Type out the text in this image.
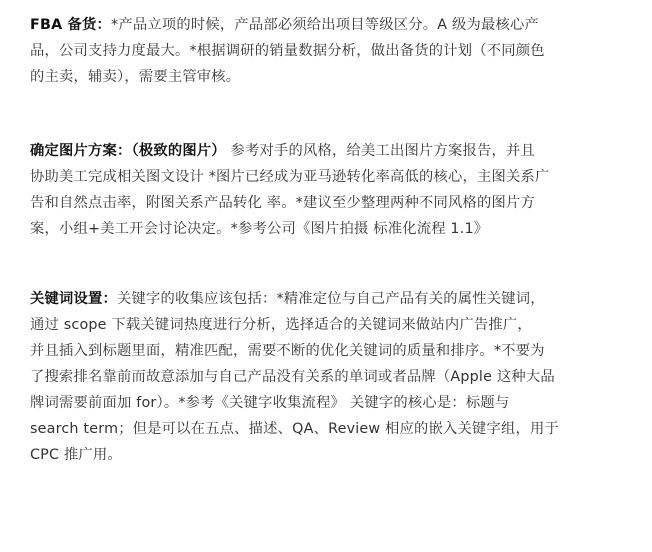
FBA 备货：*产品立项的时候，产品部必须给出项目等级区分。A 级为最核心产
品，公司支持力度最大。*根据调研的销量数据分析，做出备货的计划（不同颜色
的主卖，辅卖），需要主管审核。
确定图片方案：（极致的图片） 参考对手的风格，给美工出图片方案报告，并且
协助美工完成相关图文设计 *图片已经成为亚马逊转化率高低的核心，主图关系广
告和自然点击率，附图关系产品转化 率。*建议至少整理两种不同风格的图片方
案，小组+美工开会讨论决定。*参考公司《图片拍摄 标准化流程 1.1》
关键词设置：关键字的收集应该包括：*精准定位与自己产品有关的属性关键词，
通过 scope 下载关键词热度进行分析，选择适合的关键词来做站内广告推广，
并且插入到标题里面，精准匹配，需要不断的优化关键词的质量和排序。*不要为
了搜索排名靠前而故意添加与自己产品没有关系的单词或者品牌（Apple 这种大品
牌词需要前面加 for）。*参考《关键字收集流程》 关键字的核心是：标题与
search term；但是可以在五点、描述、QA、Review 相应的嵌入关键字组，用于
CPC 推广用。
